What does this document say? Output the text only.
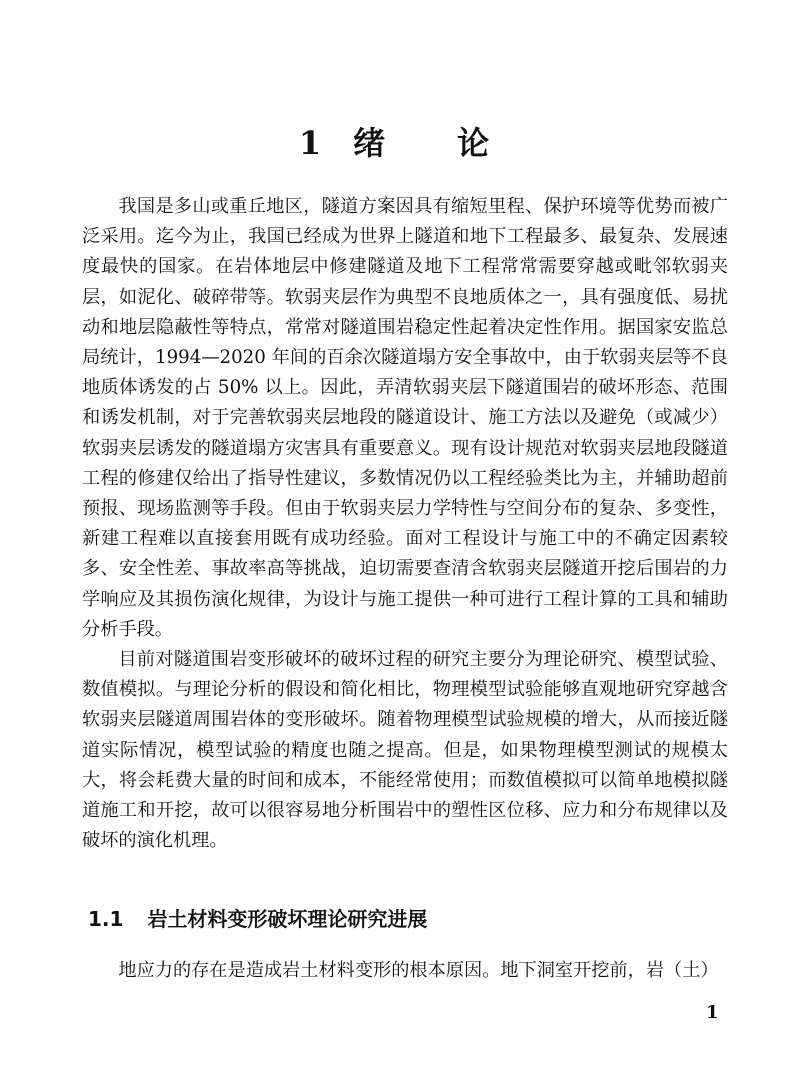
1 绪 论

我国是多山或重丘地区，隧道方案因具有缩短里程、保护环境等优势而被广泛采用。迄今为止，我国已经成为世界上隧道和地下工程最多、最复杂、发展速度最快的国家。在岩体地层中修建隧道及地下工程常常需要穿越或毗邻软弱夹层，如泥化、破碎带等。软弱夹层作为典型不良地质体之一，具有强度低、易扰动和地层隐蔽性等特点，常常对隧道围岩稳定性起着决定性作用。据国家安监总局统计，1994—2020 年间的百余次隧道塌方安全事故中，由于软弱夹层等不良地质体诱发的占 50% 以上。因此，弄清软弱夹层下隧道围岩的破坏形态、范围和诱发机制，对于完善软弱夹层地段的隧道设计、施工方法以及避免（或减少）软弱夹层诱发的隧道塌方灾害具有重要意义。现有设计规范对软弱夹层地段隧道工程的修建仅给出了指导性建议，多数情况仍以工程经验类比为主，并辅助超前预报、现场监测等手段。但由于软弱夹层力学特性与空间分布的复杂、多变性，新建工程难以直接套用既有成功经验。面对工程设计与施工中的不确定因素较多、安全性差、事故率高等挑战，迫切需要查清含软弱夹层隧道开挖后围岩的力学响应及其损伤演化规律，为设计与施工提供一种可进行工程计算的工具和辅助分析手段。

目前对隧道围岩变形破坏的破坏过程的研究主要分为理论研究、模型试验、数值模拟。与理论分析的假设和简化相比，物理模型试验能够直观地研究穿越含软弱夹层隧道周围岩体的变形破坏。随着物理模型试验规模的增大，从而接近隧道实际情况，模型试验的精度也随之提高。但是，如果物理模型测试的规模太大，将会耗费大量的时间和成本，不能经常使用；而数值模拟可以简单地模拟隧道施工和开挖，故可以很容易地分析围岩中的塑性区位移、应力和分布规律以及破坏的演化机理。

1.1 岩土材料变形破坏理论研究进展

地应力的存在是造成岩土材料变形的根本原因。地下洞室开挖前，岩（土）

1
